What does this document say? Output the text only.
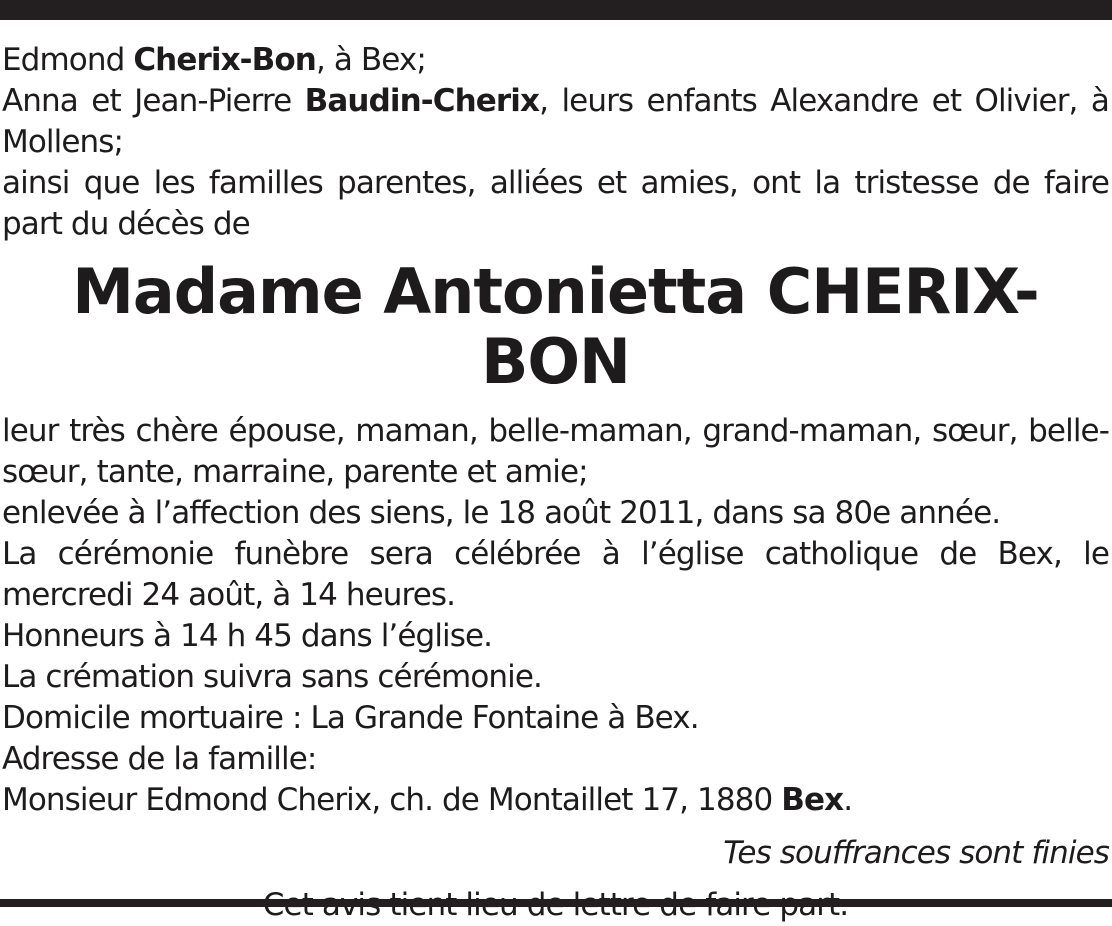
Edmond Cherix-Bon, à Bex;

Anna et Jean-Pierre Baudin-Cherix, leurs enfants Alexandre et Olivier, à Mollens;

ainsi que les familles parentes, alliées et amies, ont la tristesse de faire part du décès de

Madame Antonietta CHERIX-BON

leur très chère épouse, maman, belle-maman, grand-maman, sœur, belle-sœur, tante, marraine, parente et amie;

enlevée à l’affection des siens, le 18 août 2011, dans sa 80e année.

La cérémonie funèbre sera célébrée à l’église catholique de Bex, le mercredi 24 août, à 14 heures.

Honneurs à 14 h 45 dans l’église.

La crémation suivra sans cérémonie.

Domicile mortuaire : La Grande Fontaine à Bex.

Adresse de la famille:

Monsieur Edmond Cherix, ch. de Montaillet 17, 1880 Bex.

Tes souffrances sont finies
